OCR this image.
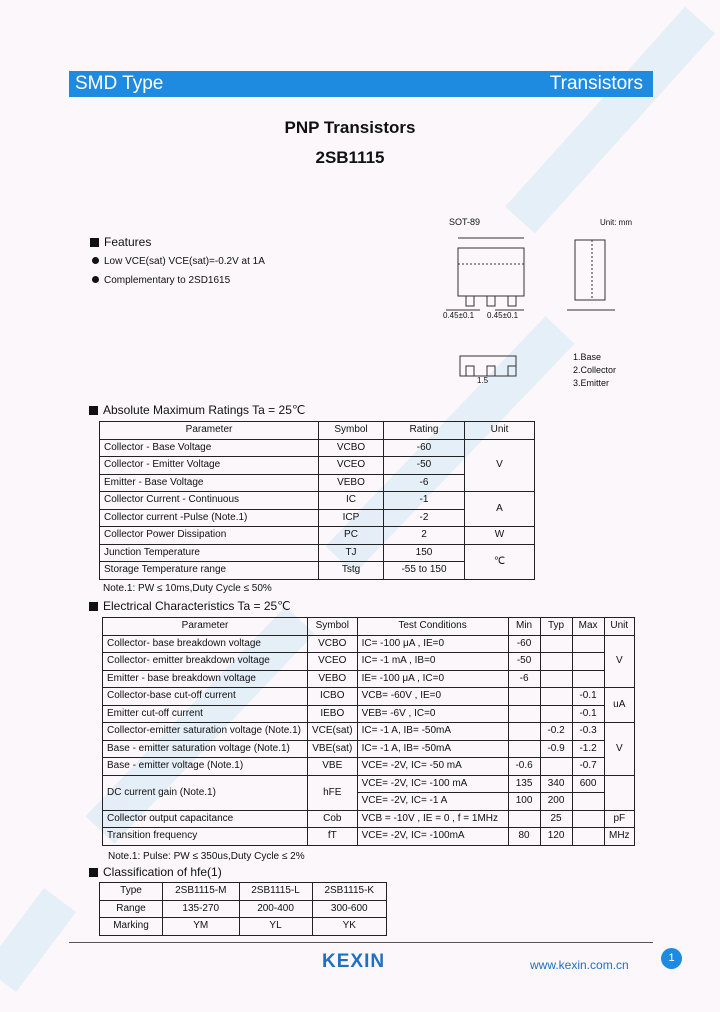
SMD Type	Transistors
PNP Transistors
2SB1115
SOT-89	Unit: mm
0.45±0.1 0.45±0.1
1.5
1.Base
2.Collector
3.Emitter
Features
Low VCE(sat) VCE(sat)=-0.2V at 1A
Complementary to 2SD1615
Absolute Maximum Ratings Ta = 25℃
Parameter	Symbol	Rating	Unit
Collector - Base Voltage	VCBO	-60	V
Collector - Emitter Voltage	VCEO	-50	
Emitter - Base Voltage	VEBO	-6	
Collector Current - Continuous	IC	-1	A
Collector current -Pulse (Note.1)	ICP	-2	
Collector Power Dissipation	PC	2	W
Junction Temperature	TJ	150	℃
Storage Temperature range	Tstg	-55 to 150	
Note.1: PW ≤ 10ms,Duty Cycle ≤ 50%
Electrical Characteristics Ta = 25℃
Parameter	Symbol	Test Conditions	Min	Typ	Max	Unit
Collector- base breakdown voltage	VCBO	IC= -100 μA , IE=0	-60			V
Collector- emitter breakdown voltage	VCEO	IC= -1 mA , IB=0	-50			
Emitter - base breakdown voltage	VEBO	IE= -100 μA , IC=0	-6			
Collector-base cut-off current	ICBO	VCB= -60V , IE=0			-0.1	uA
Emitter cut-off current	IEBO	VEB= -6V , IC=0			-0.1	
Collector-emitter saturation voltage (Note.1)	VCE(sat)	IC= -1 A, IB= -50mA		-0.2	-0.3	V
Base - emitter saturation voltage (Note.1)	VBE(sat)	IC= -1 A, IB= -50mA		-0.9	-1.2	
Base - emitter voltage (Note.1)	VBE	VCE= -2V, IC= -50 mA	-0.6		-0.7	
DC current gain (Note.1)	hFE	VCE= -2V, IC= -100 mA	135	340	600	
		VCE= -2V, IC= -1 A	100	200		
Collector output capacitance	Cob	VCB = -10V , IE = 0 , f = 1MHz		25		pF
Transition frequency	fT	VCE= -2V, IC= -100mA	80	120		MHz
Note.1: Pulse: PW ≤ 350us,Duty Cycle ≤ 2%
Classification of hfe(1)
Type	2SB1115-M	2SB1115-L	2SB1115-K
Range	135-270	200-400	300-600
Marking	YM	YL	YK
KEXIN	www.kexin.com.cn	1
